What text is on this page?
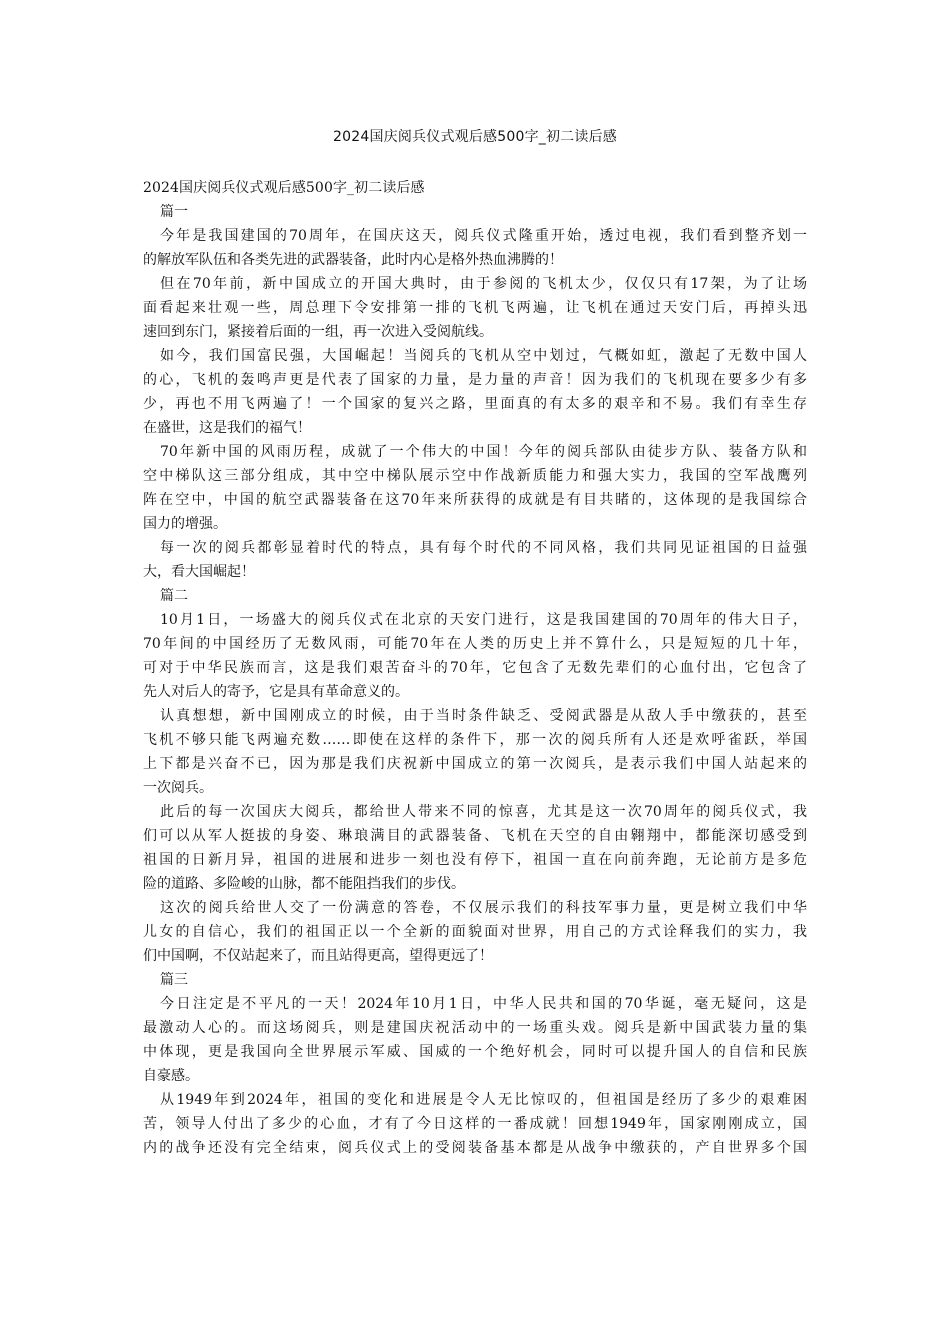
2024国庆阅兵仪式观后感500字_初二读后感
2024国庆阅兵仪式观后感500字_初二读后感
篇一
今年是我国建国的70周年，在国庆这天，阅兵仪式隆重开始，透过电视，我们看到整齐划一
的解放军队伍和各类先进的武器装备，此时内心是格外热血沸腾的！
但在70年前，新中国成立的开国大典时，由于参阅的飞机太少，仅仅只有17架，为了让场
面看起来壮观一些，周总理下令安排第一排的飞机飞两遍，让飞机在通过天安门后，再掉头迅
速回到东门，紧接着后面的一组，再一次进入受阅航线。
如今，我们国富民强，大国崛起！当阅兵的飞机从空中划过，气概如虹，激起了无数中国人
的心，飞机的轰鸣声更是代表了国家的力量，是力量的声音！因为我们的飞机现在要多少有多
少，再也不用飞两遍了！一个国家的复兴之路，里面真的有太多的艰辛和不易。我们有幸生存
在盛世，这是我们的福气！
70年新中国的风雨历程，成就了一个伟大的中国！今年的阅兵部队由徒步方队、装备方队和
空中梯队这三部分组成，其中空中梯队展示空中作战新质能力和强大实力，我国的空军战鹰列
阵在空中，中国的航空武器装备在这70年来所获得的成就是有目共睹的，这体现的是我国综合
国力的增强。
每一次的阅兵都彰显着时代的特点，具有每个时代的不同风格，我们共同见证祖国的日益强
大，看大国崛起！
篇二
10月1日，一场盛大的阅兵仪式在北京的天安门进行，这是我国建国的70周年的伟大日子，
70年间的中国经历了无数风雨，可能70年在人类的历史上并不算什么，只是短短的几十年，
可对于中华民族而言，这是我们艰苦奋斗的70年，它包含了无数先辈们的心血付出，它包含了
先人对后人的寄予，它是具有革命意义的。
认真想想，新中国刚成立的时候，由于当时条件缺乏、受阅武器是从敌人手中缴获的，甚至
飞机不够只能飞两遍充数……即使在这样的条件下，那一次的阅兵所有人还是欢呼雀跃，举国
上下都是兴奋不已，因为那是我们庆祝新中国成立的第一次阅兵，是表示我们中国人站起来的
一次阅兵。
此后的每一次国庆大阅兵，都给世人带来不同的惊喜，尤其是这一次70周年的阅兵仪式，我
们可以从军人挺拔的身姿、琳琅满目的武器装备、飞机在天空的自由翱翔中，都能深切感受到
祖国的日新月异，祖国的进展和进步一刻也没有停下，祖国一直在向前奔跑，无论前方是多危
险的道路、多险峻的山脉，都不能阻挡我们的步伐。
这次的阅兵给世人交了一份满意的答卷，不仅展示我们的科技军事力量，更是树立我们中华
儿女的自信心，我们的祖国正以一个全新的面貌面对世界，用自己的方式诠释我们的实力，我
们中国啊，不仅站起来了，而且站得更高，望得更远了！
篇三
今日注定是不平凡的一天！2024年10月1日，中华人民共和国的70华诞，毫无疑问，这是
最激动人心的。而这场阅兵，则是建国庆祝活动中的一场重头戏。阅兵是新中国武装力量的集
中体现，更是我国向全世界展示军威、国威的一个绝好机会，同时可以提升国人的自信和民族
自豪感。
从1949年到2024年，祖国的变化和进展是令人无比惊叹的，但祖国是经历了多少的艰难困
苦，领导人付出了多少的心血，才有了今日这样的一番成就！回想1949年，国家刚刚成立，国
内的战争还没有完全结束，阅兵仪式上的受阅装备基本都是从战争中缴获的，产自世界多个国
